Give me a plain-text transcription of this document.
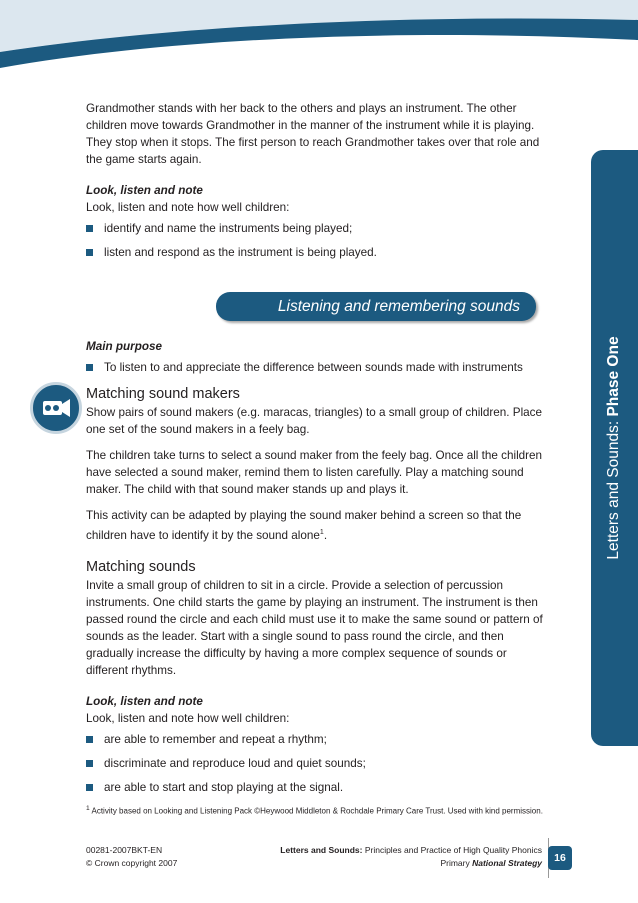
Letters and Sounds: Phase One

Grandmother stands with her back to the others and plays an instrument. The other children move towards Grandmother in the manner of the instrument while it is playing. They stop when it stops. The first person to reach Grandmother takes over that role and the game starts again.

Look, listen and note

Look, listen and note how well children:

identify and name the instruments being played;
listen and respond as the instrument is being played.
Listening and remembering sounds

Main purpose

To listen to and appreciate the difference between sounds made with instruments
Matching sound makers

Show pairs of sound makers (e.g. maracas, triangles) to a small group of children. Place one set of the sound makers in a feely bag.

The children take turns to select a sound maker from the feely bag. Once all the children have selected a sound maker, remind them to listen carefully. Play a matching sound maker. The child with that sound maker stands up and plays it.

This activity can be adapted by playing the sound maker behind a screen so that the children have to identify it by the sound alone$^1$.

Matching sounds

Invite a small group of children to sit in a circle. Provide a selection of percussion instruments. One child starts the game by playing an instrument. The instrument is then passed round the circle and each child must use it to make the same sound or pattern of sounds as the leader. Start with a single sound to pass round the circle, and then gradually increase the difficulty by having a more complex sequence of sounds or different rhythms.

Look, listen and note

Look, listen and note how well children:

are able to remember and repeat a rhythm;
discriminate and reproduce loud and quiet sounds;
are able to start and stop playing at the signal.
$^1$ Activity based on Looking and Listening Pack ©Heywood Middleton & Rochdale Primary Care Trust. Used with kind permission.
00281-2007BKT-EN
© Crown copyright 2007
Letters and Sounds: Principles and Practice of High Quality Phonics
Primary National Strategy	16
